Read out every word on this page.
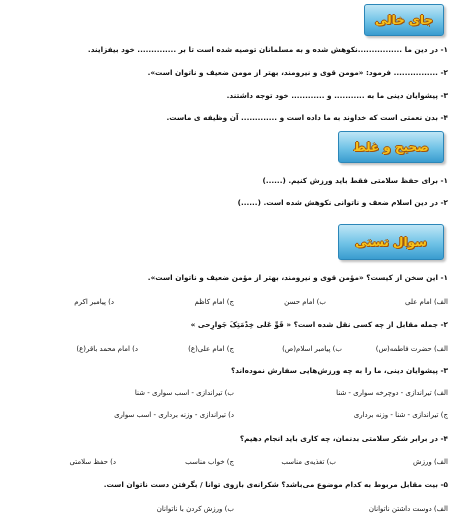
جای خالی
۱- در دین ما ................نکوهش شده و به مسلمانان توصیه شده است تا بر .............. خود بیفزایند.
۲- ................ فرمود: «مومن قوی و نیرومند، بهتر از مومن ضعیف و ناتوان است».
۳- پیشوایان دینی ما به ........... و ............ خود توجه داشتند.
۴- بدن نعمتی است که خداوند به ما داده است و ............. آن وظیفه ی ماست.
صحیح و غلط
۱- برای حفظ سلامتی فقط باید ورزش کنیم. (......)
۲- در دین اسلام ضعف و ناتوانی نکوهش شده است. (......)
سوال تستی
۱- این سخن از کیست؟ «مؤمن قوی و نیرومند، بهتر از مؤمن ضعیف و ناتوان است».
الف) امام علی
ب) امام حسن
ج) امام کاظم
د) پیامبر اکرم
۲- جمله مقابل از چه کسی نقل شده است؟ « قَوِّ عَلی خِدْمَتِکَ جَوارِحی »
الف) حضرت فاطمه(س)
ب) پیامبر اسلام(ص)
ج) امام علی(ع)
د) امام محمد باقر(ع)
۳- پیشوایان دینی، ما را به چه ورزش‌هایی سفارش نموده‌اند؟
الف) تیراندازی - دوچرخه سواری - شنا
ب) تیراندازی - اسب سواری - شنا
ج) تیراندازی - شنا - وزنه برداری
د) تیراندازی - وزنه برداری - اسب سواری
۴- در برابر شکر سلامتی بدنمان، چه کاری باید انجام دهیم؟
الف) ورزش
ب) تغذیه‌ی مناسب
ج) خواب مناسب
د) حفظ سلامتی
۵- بیت مقابل مربوط به کدام موضوع می‌باشد؟ شکرانه‌ی بازوی توانا / بگرفتن دست ناتوان است.
الف) دوست داشتن ناتوانان
ب) ورزش کردن با ناتوانان
